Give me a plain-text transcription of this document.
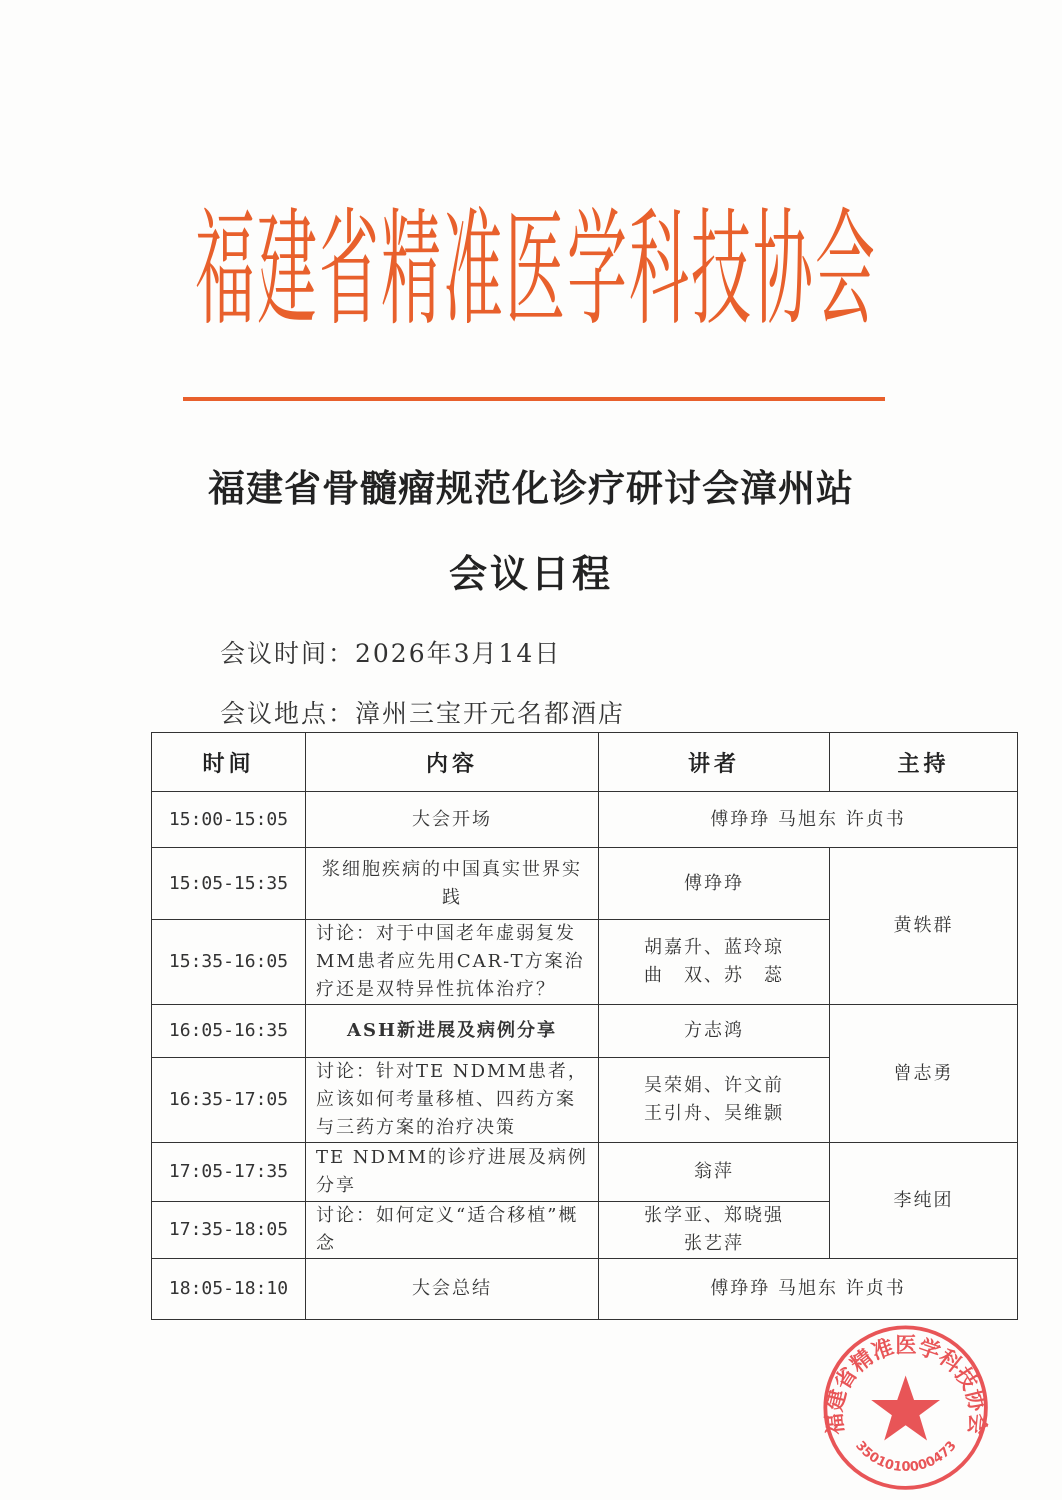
福建省精准医学科技协会
福建省骨髓瘤规范化诊疗研讨会漳州站
会议日程
会议时间：2026年3月14日
会议地点：漳州三宝开元名都酒店
时间	内容	讲者	主持
15:00-15:05	大会开场	傅琤琤 马旭东 许贞书	
15:05-15:35	浆细胞疾病的中国真实世界实践	傅琤琤	黄轶群
15:35-16:05	讨论：对于中国老年虚弱复发MM患者应先用CAR-T方案治疗还是双特异性抗体治疗？	胡嘉升、蓝玲琼
曲　双、苏　蕊	
16:05-16:35	ASH新进展及病例分享	方志鸿	曾志勇
16:35-17:05	讨论：针对TE NDMM患者，应该如何考量移植、四药方案与三药方案的治疗决策	吴荣娟、许文前
王引舟、吴维颢	
17:05-17:35	TE NDMM的诊疗进展及病例分享	翁萍	李纯团
17:35-18:05	讨论：如何定义“适合移植”概念	张学亚、郑晓强
张艺萍	
18:05-18:10	大会总结	傅琤琤 马旭东 许贞书	
福建省精准医学科技协会
3501010000473
